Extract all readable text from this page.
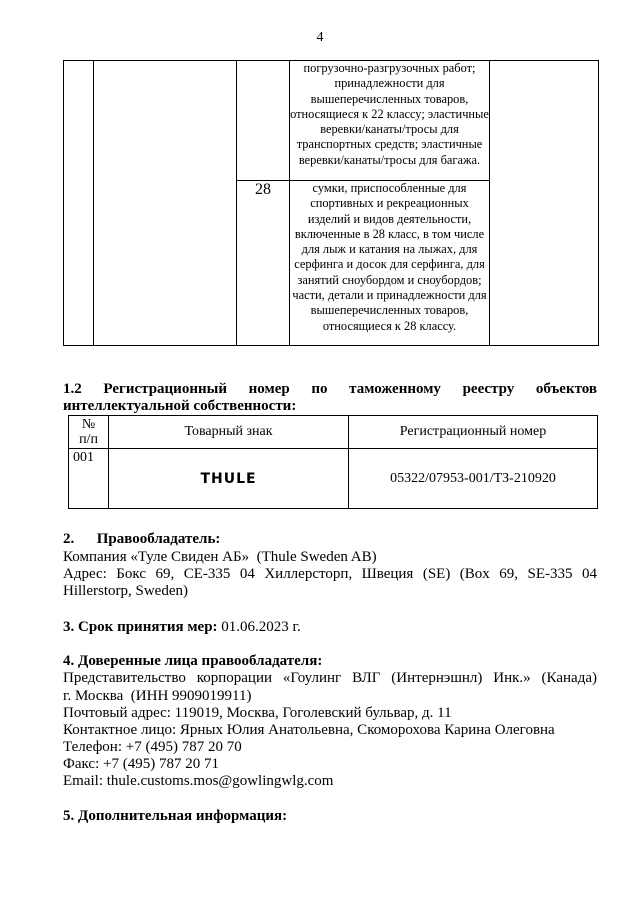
4
			погрузочно-разгрузочных работ; принадлежности для вышеперечисленных товаров, относящиеся к 22 классу; эластичные веревки/канаты/тросы для транспортных средств; эластичные веревки/канаты/тросы для багажа.	
		28	сумки, приспособленные для спортивных и рекреационных изделий и видов деятельности, включенные в 28 класс, в том числе для лыж и катания на лыжах, для серфинга и досок для серфинга, для занятий сноубордом и сноубордов; части, детали и принадлежности для вышеперечисленных товаров, относящиеся к 28 классу.	
1.2 Регистрационный номер по таможенному реестру объектов
интеллектуальной собственности:
№
п/п	Товарный знак	Регистрационный номер
001	THULE	05322/07953-001/ТЗ-210920
2.      Правообладатель:
Компания «Туле Свиден АБ»  (Thule Sweden AB)
Адрес: Бокс 69, СЕ-335 04 Хиллерсторп, Швеция (SE) (Box 69, SE-335 04
Hillerstorp, Sweden)
3. Срок принятия мер: 01.06.2023 г.
4. Доверенные лица правообладателя:
Представительство корпорации «Гоулинг ВЛГ (Интернэшнл) Инк.» (Канада)
г. Москва  (ИНН 9909019911)
Почтовый адрес: 119019, Москва, Гоголевский бульвар, д. 11
Контактное лицо: Ярных Юлия Анатольевна, Скоморохова Карина Олеговна
Телефон: +7 (495) 787 20 70
Факс: +7 (495) 787 20 71
Email: thule.customs.mos@gowlingwlg.com
5. Дополнительная информация:
